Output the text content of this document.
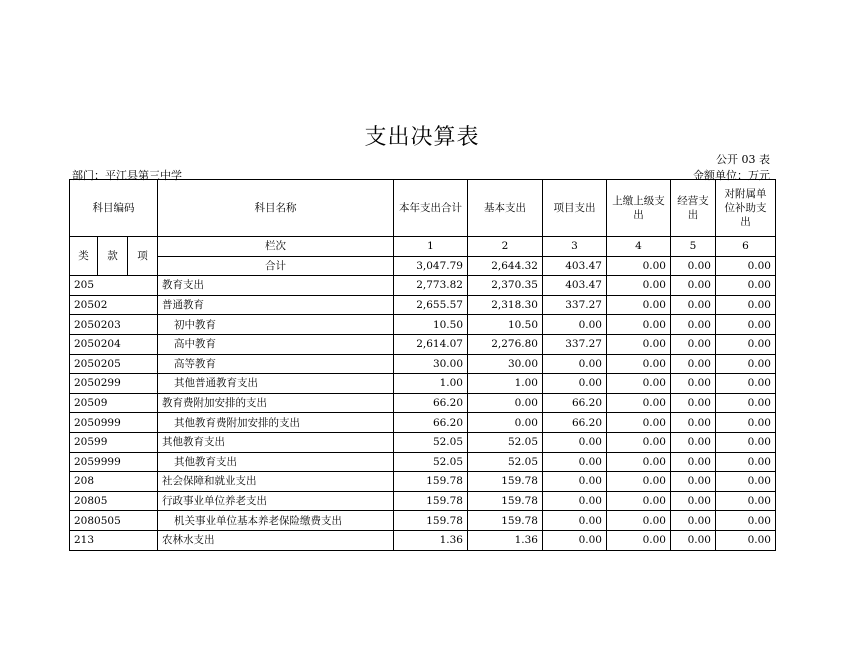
支出决算表
公开 03 表
部门：平江县第三中学	金额单位：万元
科目编码			科目名称	本年支出合计	基本支出	项目支出	上缴上级支出	经营支出	对附属单位补助支出
类	款	项	栏次	1	2	3	4	5	6
			合计	3,047.79	2,644.32	403.47	0.00	0.00	0.00
205			教育支出	2,773.82	2,370.35	403.47	0.00	0.00	0.00
20502			普通教育	2,655.57	2,318.30	337.27	0.00	0.00	0.00
2050203			初中教育	10.50	10.50	0.00	0.00	0.00	0.00
2050204			高中教育	2,614.07	2,276.80	337.27	0.00	0.00	0.00
2050205			高等教育	30.00	30.00	0.00	0.00	0.00	0.00
2050299			其他普通教育支出	1.00	1.00	0.00	0.00	0.00	0.00
20509			教育费附加安排的支出	66.20	0.00	66.20	0.00	0.00	0.00
2050999			其他教育费附加安排的支出	66.20	0.00	66.20	0.00	0.00	0.00
20599			其他教育支出	52.05	52.05	0.00	0.00	0.00	0.00
2059999			其他教育支出	52.05	52.05	0.00	0.00	0.00	0.00
208			社会保障和就业支出	159.78	159.78	0.00	0.00	0.00	0.00
20805			行政事业单位养老支出	159.78	159.78	0.00	0.00	0.00	0.00
2080505			机关事业单位基本养老保险缴费支出	159.78	159.78	0.00	0.00	0.00	0.00
213			农林水支出	1.36	1.36	0.00	0.00	0.00	0.00
